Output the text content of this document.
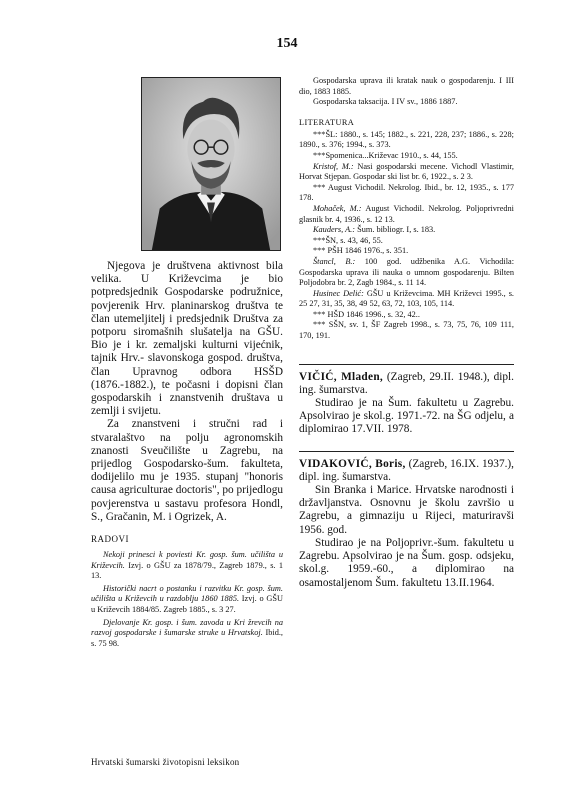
154

Njegova je društvena aktivnost bila velika. U Križevcima je bio potpredsjednik Gospodarske podružnice, povjerenik Hrv. planinarskog društva te član utemeljitelj i predsjednik Društva za potporu siromašnih slušatelja na GŠU. Bio je i kr. zemaljski kulturni vijećnik, tajnik Hrv.- slavonskoga gospod. društva, član Upravnog odbora HSŠD (1876.-1882.), te počasni i dopisni član gospodarskih i znanstvenih društava u zemlji i svijetu.

Za znanstveni i stručni rad i stvaralaštvo na polju agronomskih znanosti Sveučilište u Zagrebu, na prijedlog Gospodarsko-šum. fakulteta, dodijelilo mu je 1935. stupanj "honoris causa agriculturae doctoris", po prijedlogu povjerenstva u sastavu profesora Hondl, S., Gračanin, M. i Ogrizek, A.

RADOVI

Nekoji prinesci k poviesti Kr. gosp. šum. učilišta u Križevcih. Izvj. o GŠU za 1878/79., Zagreb 1879., s. 1 13.

Historički nacrt o postanku i razvitku Kr. gosp. šum. učilišta u Križevcih u razdoblju 1860 1885. Izvj. o GŠU u Križevcih 1884/85. Zagreb 1885., s. 3 27.

Djelovanje Kr. gosp. i šum. zavoda u Kri žrevcih na razvoj gospodarske i šumarske struke u Hrvatskoj. Ibid., s. 75 98.

Gospodarska uprava ili kratak nauk o gospodarenju. I III dio, 1883 1885.

Gospodarska taksacija. I IV sv., 1886 1887.

LITERATURA

***ŠL: 1880., s. 145; 1882., s. 221, 228, 237; 1886., s. 228; 1890., s. 376; 1994., s. 373.

***Spomenica...Križevac 1910., s. 44, 155.

Kristof, M.: Nasi gospodarski mecene. Vichodl Vlastimir, Horvat Stjepan. Gospodar ski list br. 6, 1922., s. 2 3.

*** August Vichodil. Nekrolog. Ibid., br. 12, 1935., s. 177 178.

Mohaček, M.: August Vichodil. Nekrolog. Poljoprivredni glasnik br. 4, 1936., s. 12 13.

Kauders, A.: Šum. bibliogr. I, s. 183.

***ŠN, s. 43, 46, 55.

*** PŠH 1846 1976., s. 351.

Štancl, B.: 100 god. udžbenika A.G. Vichodila: Gospodarska uprava ili nauka o umnom gospodarenju. Bilten Poljodobra br. 2, Zagb 1984., s. 11 14.

Husinec Delić: GŠU u Križevcima. MH Križevci 1995., s. 25 27, 31, 35, 38, 49 52, 63, 72, 103, 105, 114.

*** HŠD 1846 1996., s. 32, 42..

*** SŠN, sv. 1, ŠF Zagreb 1998., s. 73, 75, 76, 109 111, 170, 191.

VIČIĆ, Mladen, (Zagreb, 29.II. 1948.), dipl. ing. šumarstva.

Studirao je na Šum. fakultetu u Zagrebu. Apsolvirao je skol.g. 1971.-72. na ŠG odjelu, a diplomirao 17.VII. 1978.

VIDAKOVIĆ, Boris, (Zagreb, 16.IX. 1937.), dipl. ing. šumarstva.

Sin Branka i Marice. Hrvatske narodnosti i državljanstva. Osnovnu je školu završio u Zagrebu, a gimnaziju u Rijeci, maturiravši 1956. god.

Studirao je na Poljoprivr.-šum. fakultetu u Zagrebu. Apsolvirao je na Šum. gosp. odsjeku, skol.g. 1959.-60., a diplomirao na osamostaljenom Šum. fakultetu 13.II.1964.

Hrvatski šumarski životopisni leksikon
